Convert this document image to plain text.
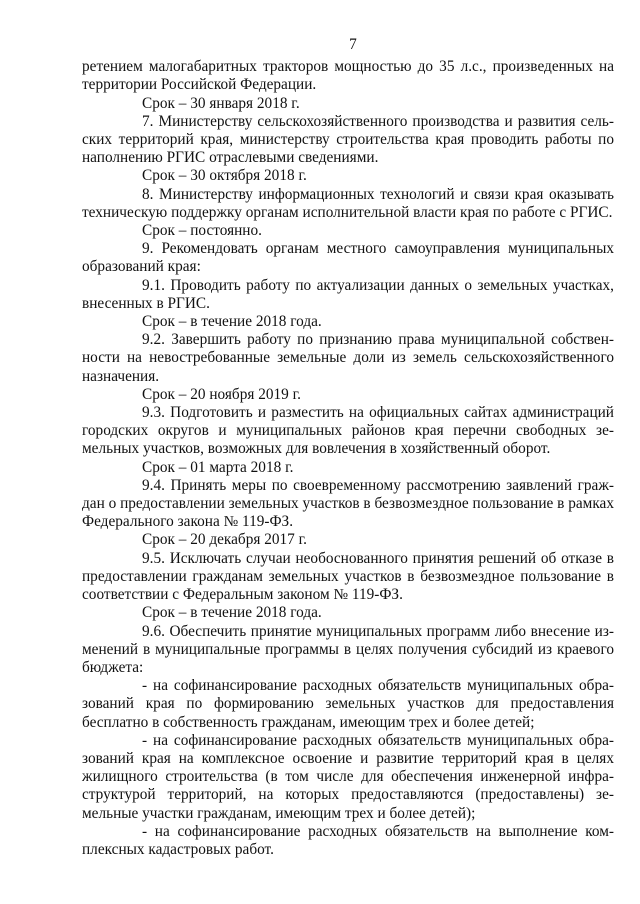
7

ретением малогабаритных тракторов мощностью до 35 л.с., произведенных на территории Российской Федерации.

Срок – 30 января 2018 г.

7. Министерству сельскохозяйственного производства и развития сельских территорий края, министерству строительства края проводить работы по наполнению РГИС отраслевыми сведениями.

Срок – 30 октября 2018 г.

8. Министерству информационных технологий и связи края оказывать техническую поддержку органам исполнительной власти края по работе с РГИС.

Срок – постоянно.

9. Рекомендовать органам местного самоуправления муниципальных образований края:

9.1. Проводить работу по актуализации данных о земельных участках, внесенных в РГИС.

Срок – в течение 2018 года.

9.2. Завершить работу по признанию права муниципальной собственности на невостребованные земельные доли из земель сельскохозяйственного назначения.

Срок – 20 ноября 2019 г.

9.3. Подготовить и разместить на официальных сайтах администраций городских округов и муниципальных районов края перечни свободных земельных участков, возможных для вовлечения в хозяйственный оборот.

Срок – 01 марта 2018 г.

9.4. Принять меры по своевременному рассмотрению заявлений граждан о предоставлении земельных участков в безвозмездное пользование в рамках Федерального закона № 119-ФЗ.

Срок – 20 декабря 2017 г.

9.5. Исключать случаи необоснованного принятия решений об отказе в предоставлении гражданам земельных участков в безвозмездное пользование в соответствии с Федеральным законом № 119-ФЗ.

Срок – в течение 2018 года.

9.6. Обеспечить принятие муниципальных программ либо внесение изменений в муниципальные программы в целях получения субсидий из краевого бюджета:

- на софинансирование расходных обязательств муниципальных образований края по формированию земельных участков для предоставления бесплатно в собственность гражданам, имеющим трех и более детей;

- на софинансирование расходных обязательств муниципальных образований края на комплексное освоение и развитие территорий края в целях жилищного строительства (в том числе для обеспечения инженерной инфраструктурой территорий, на которых предоставляются (предоставлены) земельные участки гражданам, имеющим трех и более детей);

- на софинансирование расходных обязательств на выполнение комплексных кадастровых работ.
